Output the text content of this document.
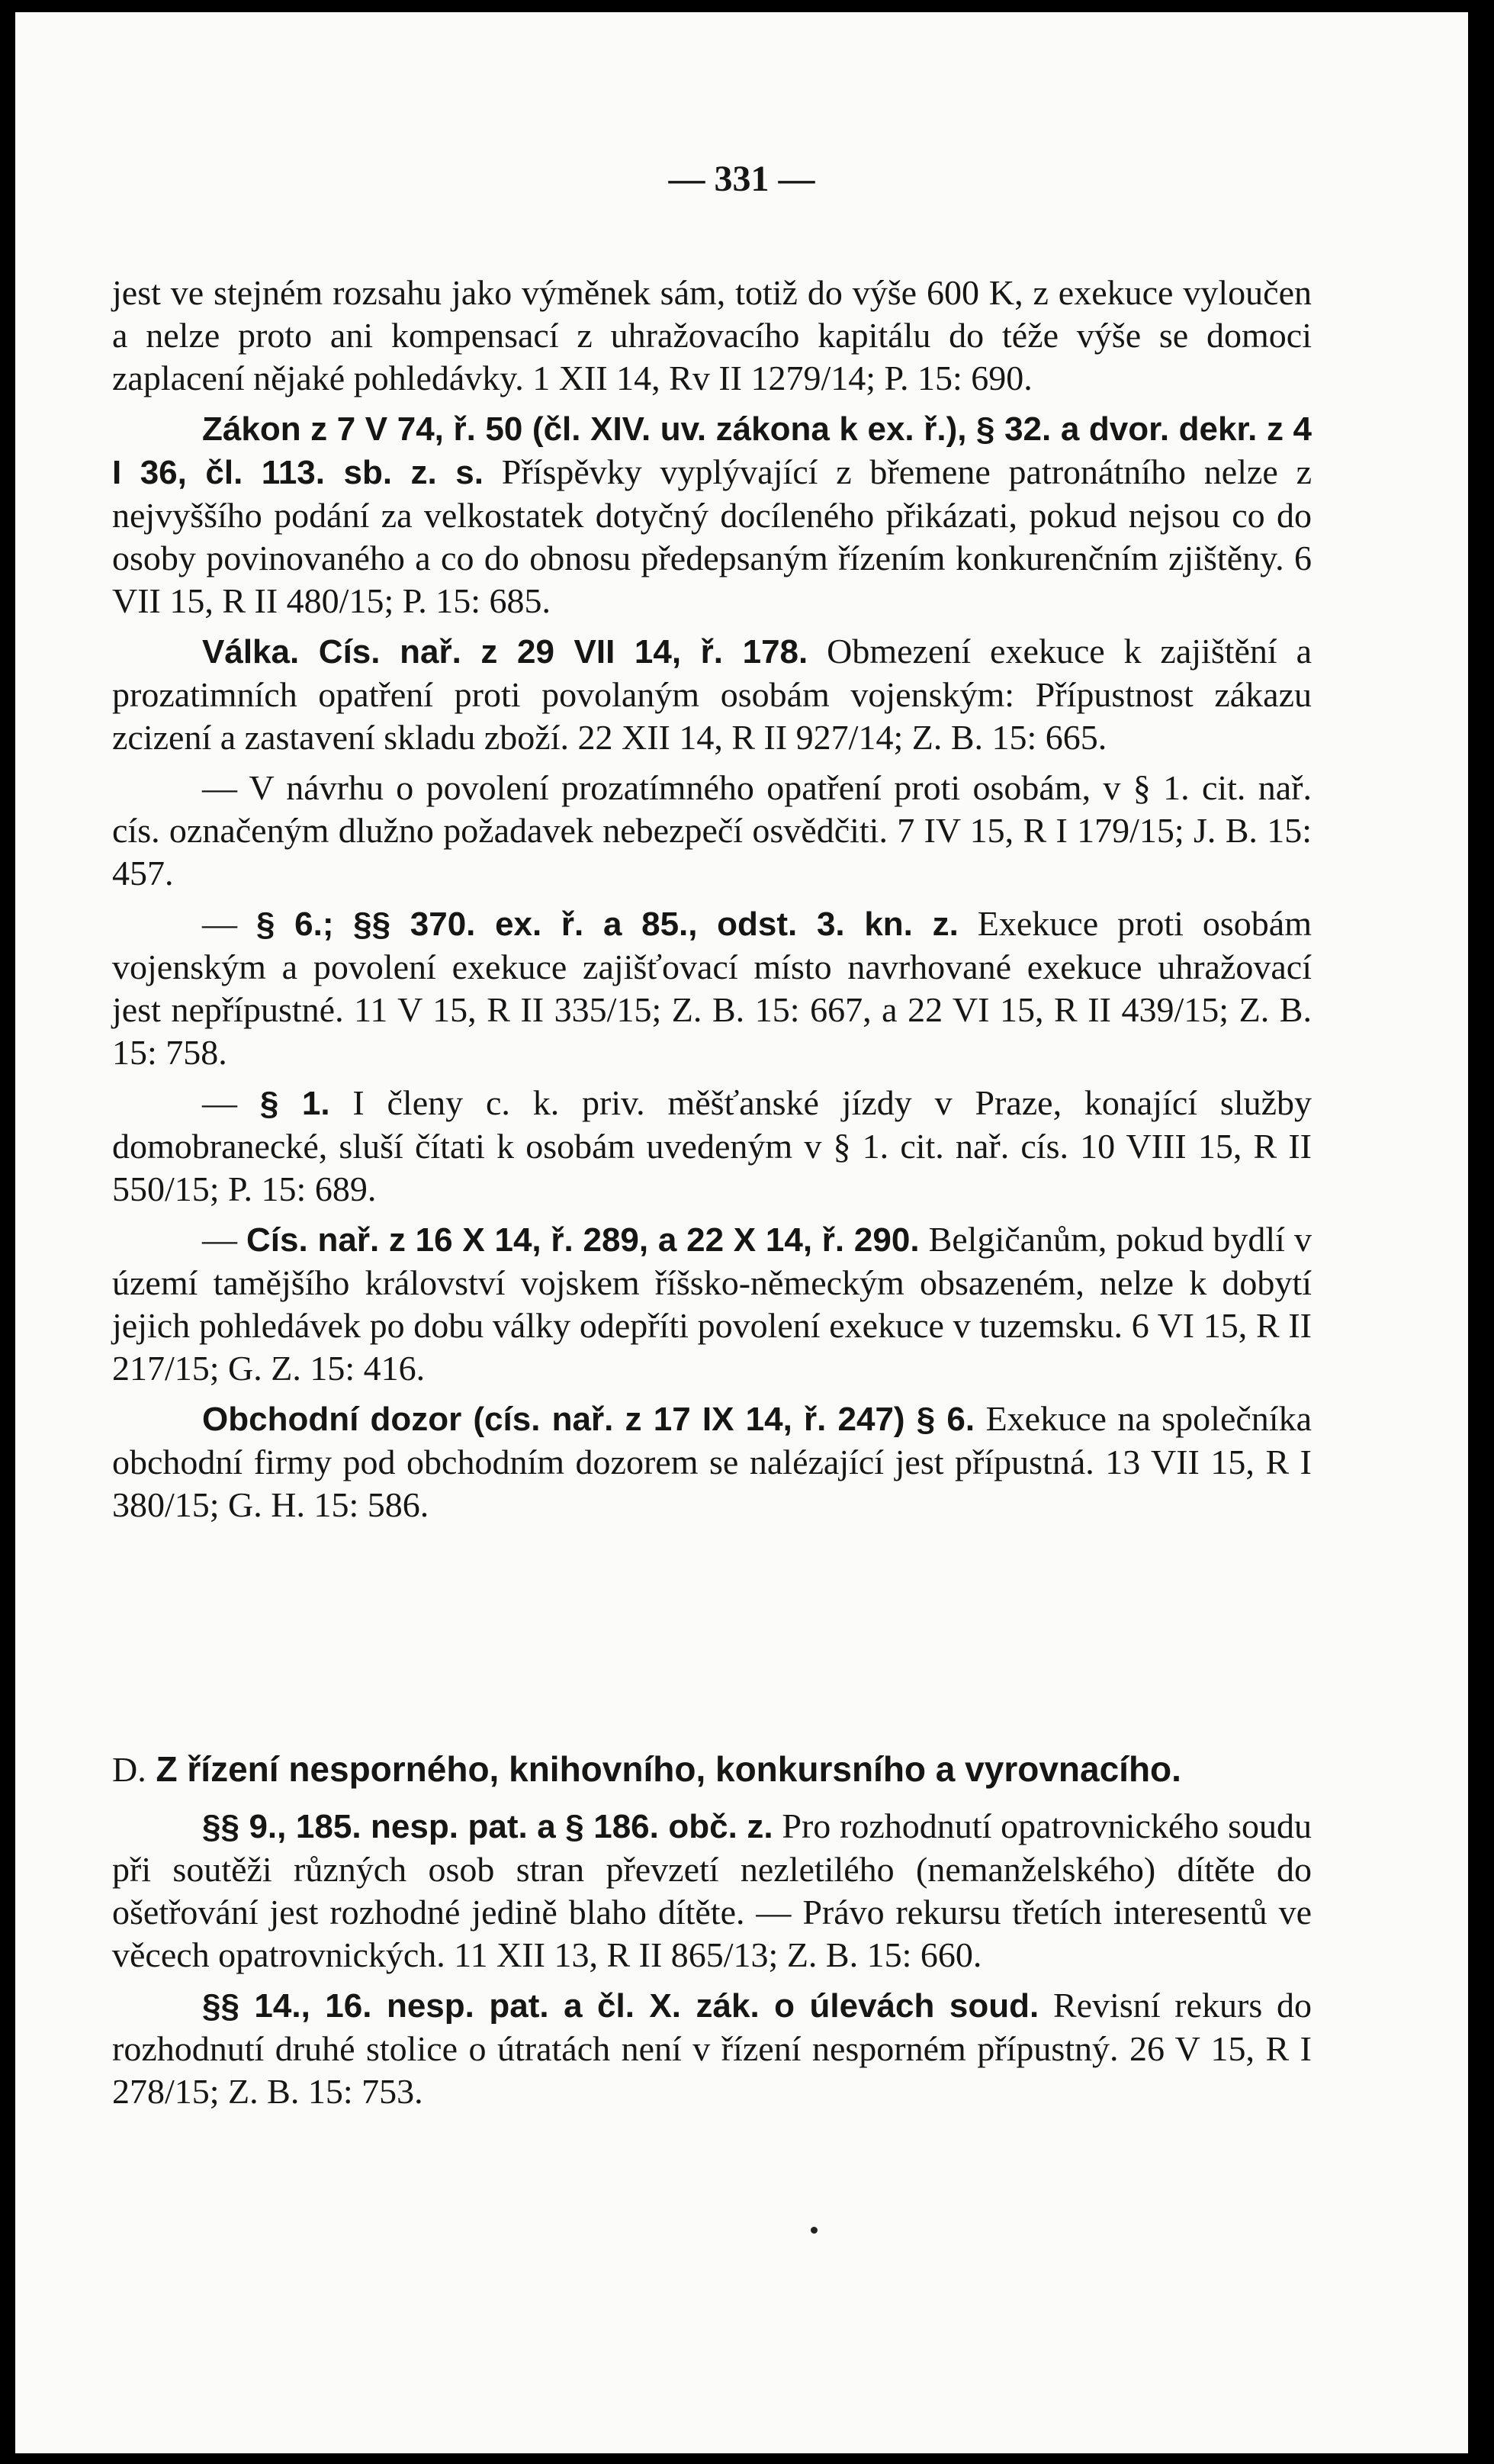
— 331 —

jest ve stejném rozsahu jako výměnek sám, totiž do výše 600 K, z exekuce vyloučen a nelze proto ani kompensací z uhražovacího kapitálu do téže výše se domoci zaplacení nějaké pohledávky. 1 XII 14, Rv II 1279/14; P. 15: 690.

Zákon z 7 V 74, ř. 50 (čl. XIV. uv. zákona k ex. ř.), § 32. a dvor. dekr. z 4 I 36, čl. 113. sb. z. s. Příspěvky vyplývající z břemene patronátního nelze z nejvyššího podání za velkostatek dotyčný docíleného přikázati, pokud nejsou co do osoby povinovaného a co do obnosu předepsaným řízením konkurenčním zjištěny. 6 VII 15, R II 480/15; P. 15: 685.

Válka. Cís. nař. z 29 VII 14, ř. 178. Obmezení exekuce k zajištění a prozatimních opatření proti povolaným osobám vojenským: Přípustnost zákazu zcizení a zastavení skladu zboží. 22 XII 14, R II 927/14; Z. B. 15: 665.

— V návrhu o povolení prozatímného opatření proti osobám, v § 1. cit. nař. cís. označeným dlužno požadavek nebezpečí osvědčiti. 7 IV 15, R I 179/15; J. B. 15: 457.

— § 6.; §§ 370. ex. ř. a 85., odst. 3. kn. z. Exekuce proti osobám vojenským a povolení exekuce zajišťovací místo navrhované exekuce uhražovací jest nepřípustné. 11 V 15, R II 335/15; Z. B. 15: 667, a 22 VI 15, R II 439/15; Z. B. 15: 758.

— § 1. I členy c. k. priv. měšťanské jízdy v Praze, konající služby domobranecké, sluší čítati k osobám uvedeným v § 1. cit. nař. cís. 10 VIII 15, R II 550/15; P. 15: 689.

— Cís. nař. z 16 X 14, ř. 289, a 22 X 14, ř. 290. Belgičanům, pokud bydlí v území tamějšího království vojskem říšsko-německým obsazeném, nelze k dobytí jejich pohledávek po dobu války odepříti povolení exekuce v tuzemsku. 6 VI 15, R II 217/15; G. Z. 15: 416.

Obchodní dozor (cís. nař. z 17 IX 14, ř. 247) § 6. Exekuce na společníka obchodní firmy pod obchodním dozorem se nalézající jest přípustná. 13 VII 15, R I 380/15; G. H. 15: 586.

D. Z řízení nesporného, knihovního, konkursního a vyrovnacího.

§§ 9., 185. nesp. pat. a § 186. obč. z. Pro rozhodnutí opatrovnického soudu při soutěži různých osob stran převzetí nezletilého (nemanželského) dítěte do ošetřování jest rozhodné jedině blaho dítěte. — Právo rekursu třetích interesentů ve věcech opatrovnických. 11 XII 13, R II 865/13; Z. B. 15: 660.

§§ 14., 16. nesp. pat. a čl. X. zák. o úlevách soud. Revisní rekurs do rozhodnutí druhé stolice o útratách není v řízení nesporném přípustný. 26 V 15, R I 278/15; Z. B. 15: 753.
